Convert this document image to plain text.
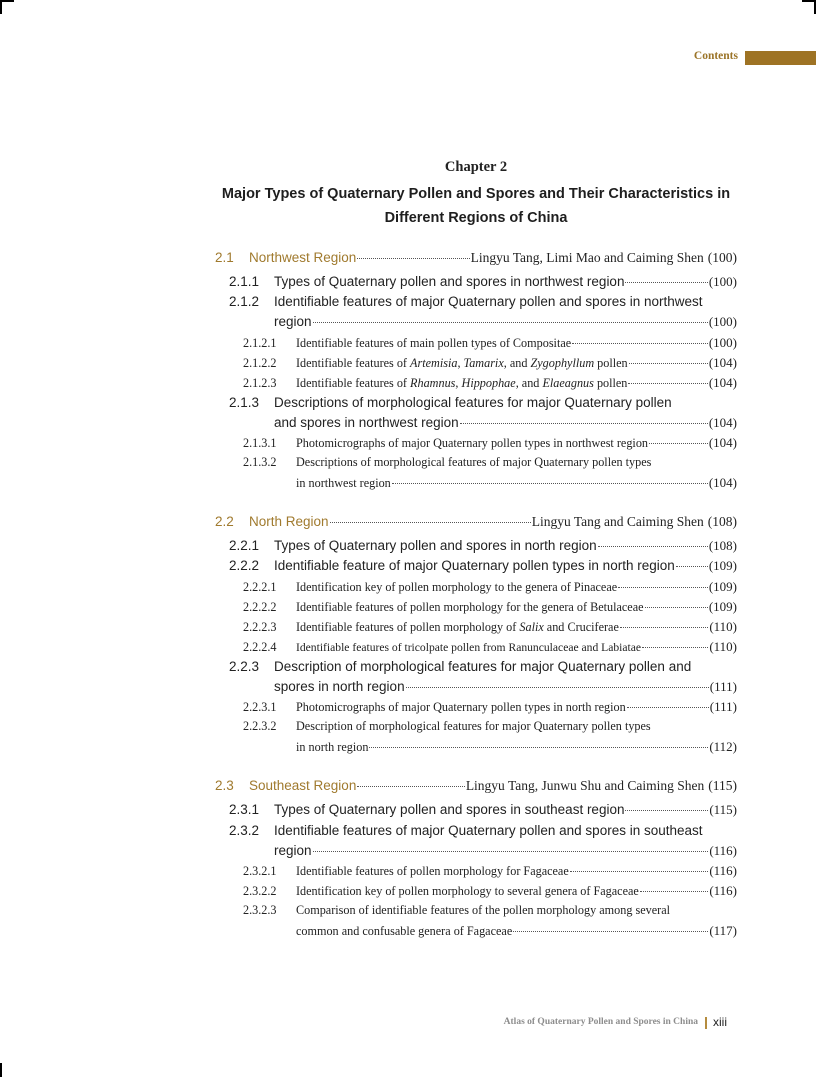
Contents
Chapter 2
Major Types of Quaternary Pollen and Spores and Their Characteristics in
Different Regions of China
2.1	Northwest Region	Lingyu Tang, Limi Mao and Caiming Shen (100)
2.1.1	Types of Quaternary pollen and spores in northwest region	(100)
2.1.2	Identifiable features of major Quaternary pollen and spores in northwest
region	(100)
2.1.2.1	Identifiable features of main pollen types of Compositae	(100)
2.1.2.2	Identifiable features of Artemisia, Tamarix, and Zygophyllum pollen	(104)
2.1.2.3	Identifiable features of Rhamnus, Hippophae, and Elaeagnus pollen	(104)
2.1.3	Descriptions of morphological features for major Quaternary pollen
and spores in northwest region	(104)
2.1.3.1	Photomicrographs of major Quaternary pollen types in northwest region	(104)
2.1.3.2	Descriptions of morphological features of major Quaternary pollen types
in northwest region	(104)
2.2	North Region	Lingyu Tang and Caiming Shen (108)
2.2.1	Types of Quaternary pollen and spores in north region	(108)
2.2.2	Identifiable feature of major Quaternary pollen types in north region	(109)
2.2.2.1	Identification key of pollen morphology to the genera of Pinaceae	(109)
2.2.2.2	Identifiable features of pollen morphology for the genera of Betulaceae	(109)
2.2.2.3	Identifiable features of pollen morphology of Salix and Cruciferae	(110)
2.2.2.4	Identifiable features of tricolpate pollen from Ranunculaceae and Labiatae	(110)
2.2.3	Description of morphological features for major Quaternary pollen and
spores in north region	(111)
2.2.3.1	Photomicrographs of major Quaternary pollen types in north region	(111)
2.2.3.2	Description of morphological features for major Quaternary pollen types
in north region	(112)
2.3	Southeast Region	Lingyu Tang, Junwu Shu and Caiming Shen (115)
2.3.1	Types of Quaternary pollen and spores in southeast region	(115)
2.3.2	Identifiable features of major Quaternary pollen and spores in southeast
region	(116)
2.3.2.1	Identifiable features of pollen morphology for Fagaceae	(116)
2.3.2.2	Identification key of pollen morphology to several genera of Fagaceae	(116)
2.3.2.3	Comparison of identifiable features of the pollen morphology among several
common and confusable genera of Fagaceae	(117)
Atlas of Quaternary Pollen and Spores in China xiii
